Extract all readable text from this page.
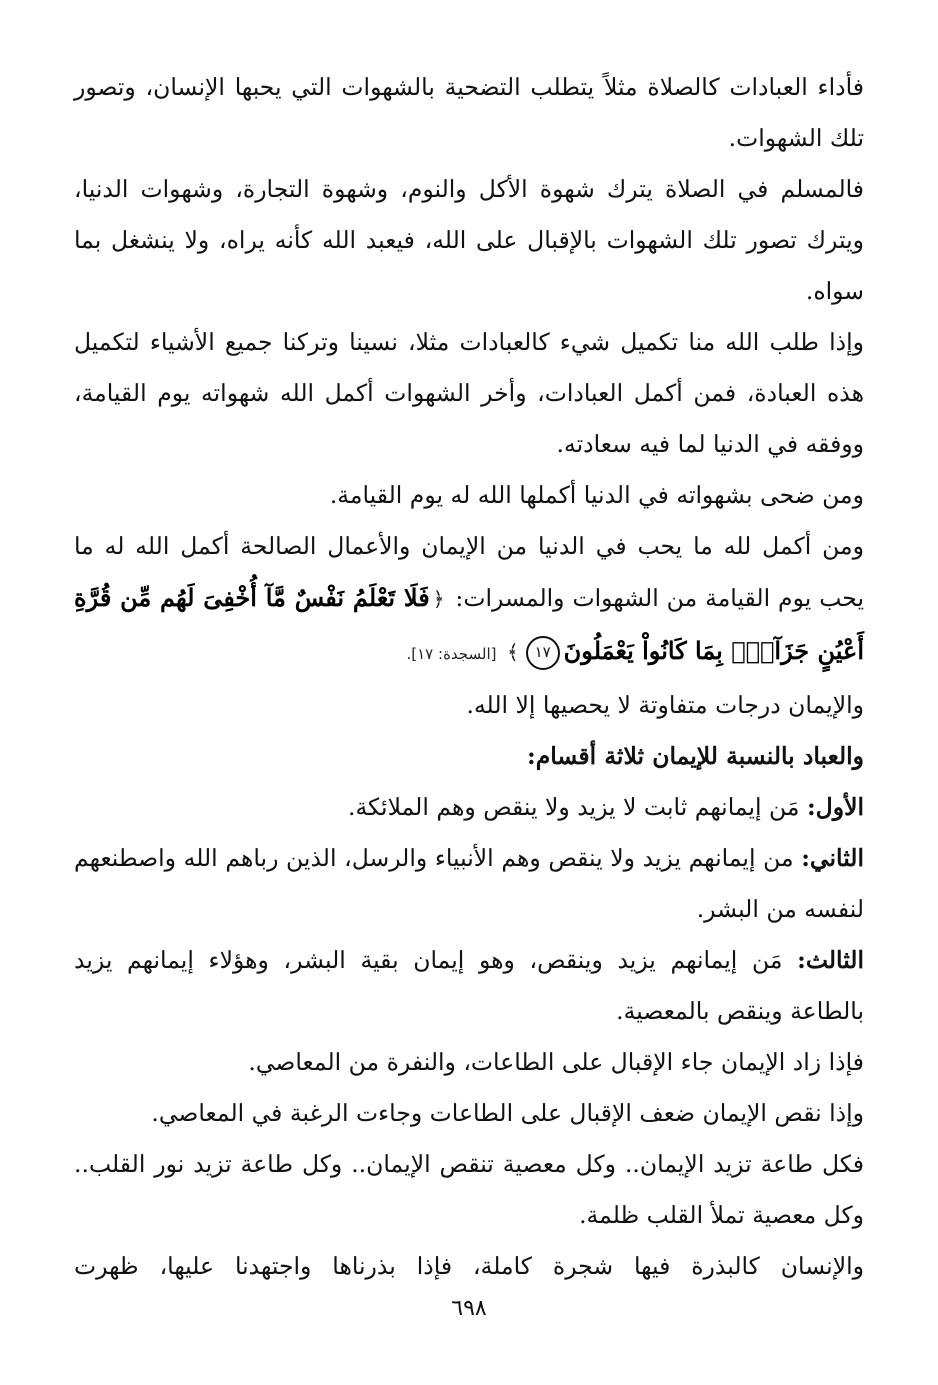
فأداء العبادات كالصلاة مثلاً يتطلب التضحية بالشهوات التي يحبها الإنسان، وتصور تلك الشهوات.

فالمسلم في الصلاة يترك شهوة الأكل والنوم، وشهوة التجارة، وشهوات الدنيا، ويترك تصور تلك الشهوات بالإقبال على الله، فيعبد الله كأنه يراه، ولا ينشغل بما سواه.

وإذا طلب الله منا تكميل شيء كالعبادات مثلا، نسينا وتركنا جميع الأشياء لتكميل هذه العبادة، فمن أكمل العبادات، وأخر الشهوات أكمل الله شهواته يوم القيامة، ووفقه في الدنيا لما فيه سعادته.

ومن ضحى بشهواته في الدنيا أكملها الله له يوم القيامة.

ومن أكمل لله ما يحب في الدنيا من الإيمان والأعمال الصالحة أكمل الله له ما يحب يوم القيامة من الشهوات والمسرات: ﴿فَلَا تَعْلَمُ نَفْسٌ مَّآ أُخْفِىَ لَهُم مِّن قُرَّةِ أَعْيُنٍ جَزَآءًۢ بِمَا كَانُواْ يَعْمَلُونَ١٧﴾ [السجدة: ١٧].

والإيمان درجات متفاوتة لا يحصيها إلا الله.

والعباد بالنسبة للإيمان ثلاثة أقسام:

الأول: مَن إيمانهم ثابت لا يزيد ولا ينقص وهم الملائكة.

الثاني: من إيمانهم يزيد ولا ينقص وهم الأنبياء والرسل، الذين رباهم الله واصطنعهم لنفسه من البشر.

الثالث: مَن إيمانهم يزيد وينقص، وهو إيمان بقية البشر، وهؤلاء إيمانهم يزيد بالطاعة وينقص بالمعصية.

فإذا زاد الإيمان جاء الإقبال على الطاعات، والنفرة من المعاصي.

وإذا نقص الإيمان ضعف الإقبال على الطاعات وجاءت الرغبة في المعاصي.

فكل طاعة تزيد الإيمان.. وكل معصية تنقص الإيمان.. وكل طاعة تزيد نور القلب.. وكل معصية تملأ القلب ظلمة.

والإنسان كالبذرة فيها شجرة كاملة، فإذا بذرناها واجتهدنا عليها، ظهرت

٦٩٨
